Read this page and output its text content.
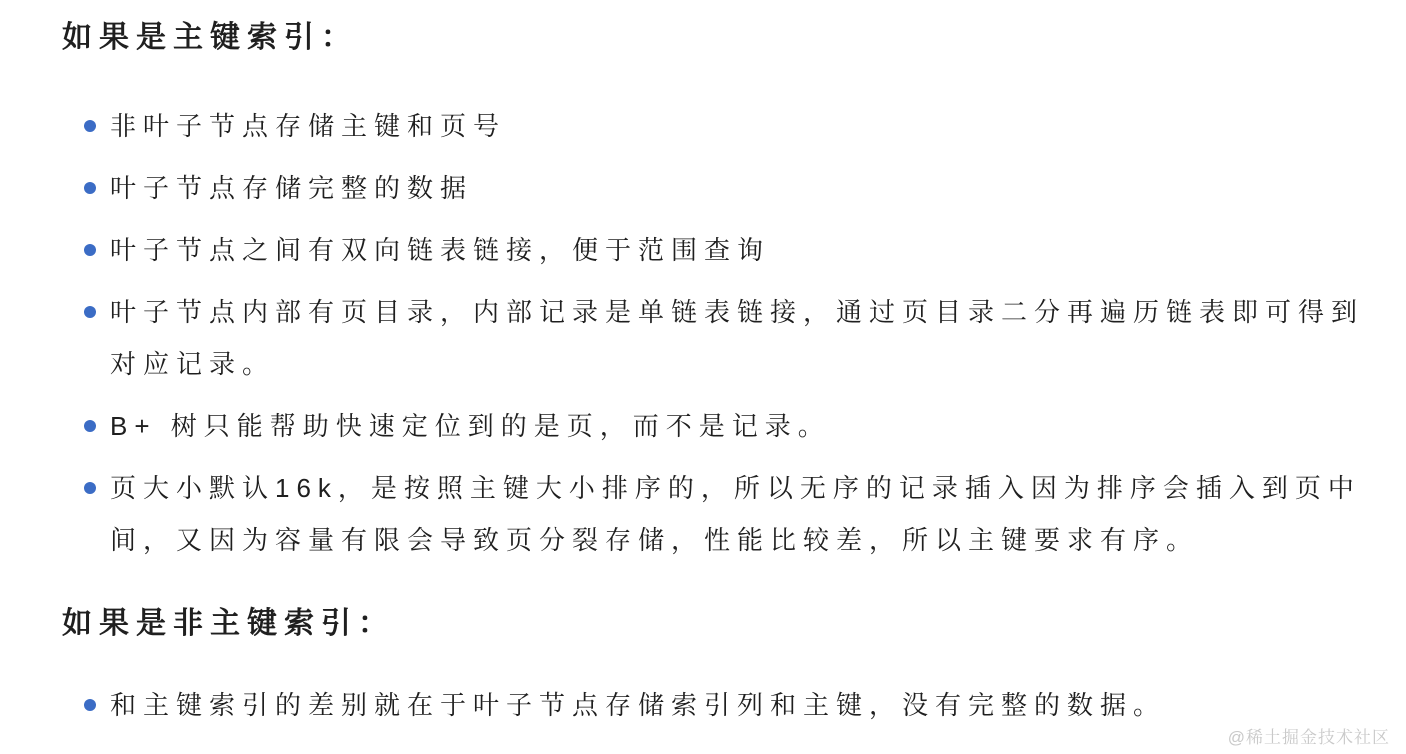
如果是主键索引：
非叶子节点存储主键和页号
叶子节点存储完整的数据
叶子节点之间有双向链表链接，便于范围查询
叶子节点内部有页目录，内部记录是单链表链接，通过页目录二分再遍历链表即可得到对应记录。
B+ 树只能帮助快速定位到的是页，而不是记录。
页大小默认16k，是按照主键大小排序的，所以无序的记录插入因为排序会插入到页中间，又因为容量有限会导致页分裂存储，性能比较差，所以主键要求有序。
如果是非主键索引：
和主键索引的差别就在于叶子节点存储索引列和主键，没有完整的数据。
@稀土掘金技术社区
